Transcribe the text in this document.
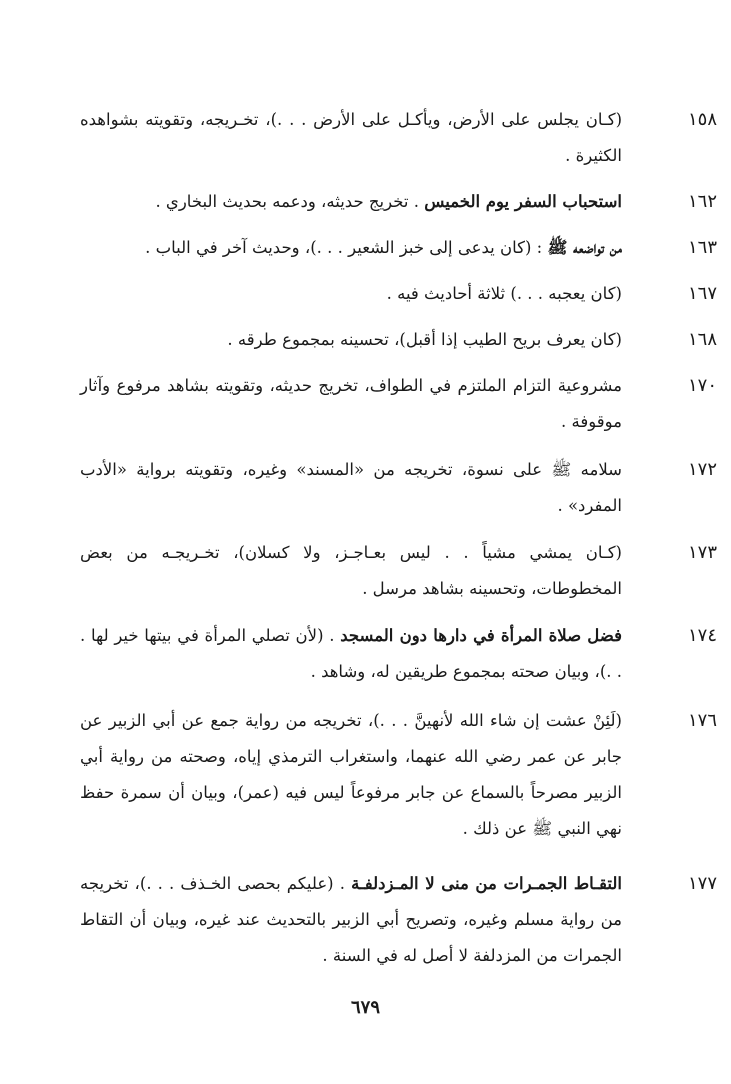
١٥٨
(كـان يجلس على الأرض، ويأكـل على الأرض . . .)، تخـريجه، وتقويته بشواهده الكثيرة .
١٦٢
استحباب السفر يوم الخميس . تخريج حديثه، ودعمه بحديث البخاري .
١٦٣
من تواضعه ﷺ : (كان يدعى إلى خبز الشعير . . .)، وحديث آخر في الباب .
١٦٧
(كان يعجبه . . .) ثلاثة أحاديث فيه .
١٦٨
(كان يعرف بريح الطيب إذا أقبل)، تحسينه بمجموع طرقه .
١٧٠
مشروعية التزام الملتزم في الطواف، تخريج حديثه، وتقويته بشاهد مرفوع وآثار موقوفة .
١٧٢
سلامه ﷺ على نسوة، تخريجه من «المسند» وغيره، وتقويته برواية «الأدب المفرد» .
١٧٣
(كـان يمشي مشياً . . ليس بعـاجـز، ولا كسلان)، تخـريجـه من بعض المخطوطات، وتحسينه بشاهد مرسل .
١٧٤
فضل صلاة المرأة في دارها دون المسجد . (لأن تصلي المرأة في بيتها خير لها . . .)، وبيان صحته بمجموع طريقين له، وشاهد .
١٧٦
(لَئِنْ عشت إن شاء الله لأنهينَّ . . .)، تخريجه من رواية جمع عن أبي الزبير عن جابر عن عمر رضي الله عنهما، واستغراب الترمذي إياه، وصحته من رواية أبي الزبير مصرحاً بالسماع عن جابر مرفوعاً ليس فيه (عمر)، وبيان أن سمرة حفظ نهي النبي ﷺ عن ذلك .
١٧٧
التقـاط الجمـرات من منى لا المـزدلفـة . (عليكم بحصى الخـذف . . .)، تخريجه من رواية مسلم وغيره، وتصريح أبي الزبير بالتحديث عند غيره، وبيان أن التقاط الجمرات من المزدلفة لا أصل له في السنة .
٦٧٩
